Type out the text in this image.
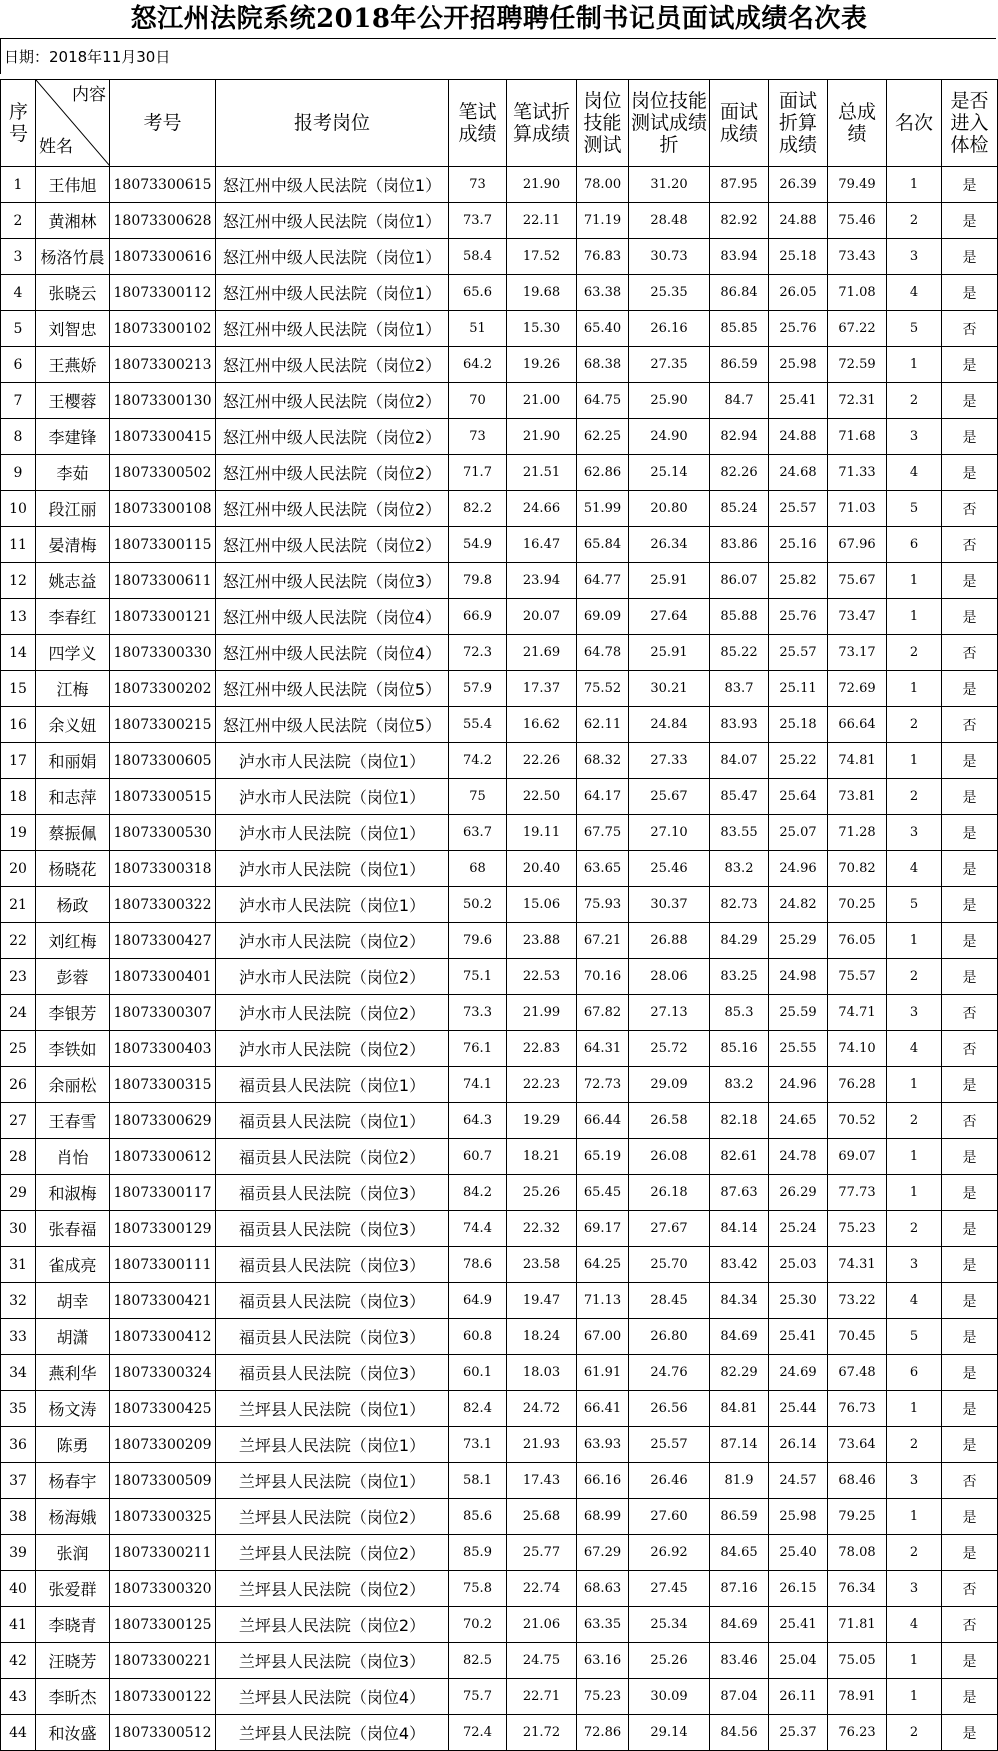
怒江州法院系统2018年公开招聘聘任制书记员面试成绩名次表
日期：2018年11月30日
序号	内容
姓名	考号	报考岗位	笔试成绩	笔试折算成绩	岗位技能测试	岗位技能测试成绩折	面试成绩	面试折算成绩	总成绩	名次	是否进入体检
1	王伟旭	18073300615	怒江州中级人民法院（岗位1）	73	21.90	78.00	31.20	87.95	26.39	79.49	1	是
2	黄湘林	18073300628	怒江州中级人民法院（岗位1）	73.7	22.11	71.19	28.48	82.92	24.88	75.46	2	是
3	杨洛竹晨	18073300616	怒江州中级人民法院（岗位1）	58.4	17.52	76.83	30.73	83.94	25.18	73.43	3	是
4	张晓云	18073300112	怒江州中级人民法院（岗位1）	65.6	19.68	63.38	25.35	86.84	26.05	71.08	4	是
5	刘智忠	18073300102	怒江州中级人民法院（岗位1）	51	15.30	65.40	26.16	85.85	25.76	67.22	5	否
6	王燕娇	18073300213	怒江州中级人民法院（岗位2）	64.2	19.26	68.38	27.35	86.59	25.98	72.59	1	是
7	王樱蓉	18073300130	怒江州中级人民法院（岗位2）	70	21.00	64.75	25.90	84.7	25.41	72.31	2	是
8	李建锋	18073300415	怒江州中级人民法院（岗位2）	73	21.90	62.25	24.90	82.94	24.88	71.68	3	是
9	李茹	18073300502	怒江州中级人民法院（岗位2）	71.7	21.51	62.86	25.14	82.26	24.68	71.33	4	是
10	段江丽	18073300108	怒江州中级人民法院（岗位2）	82.2	24.66	51.99	20.80	85.24	25.57	71.03	5	否
11	晏清梅	18073300115	怒江州中级人民法院（岗位2）	54.9	16.47	65.84	26.34	83.86	25.16	67.96	6	否
12	姚志益	18073300611	怒江州中级人民法院（岗位3）	79.8	23.94	64.77	25.91	86.07	25.82	75.67	1	是
13	李春红	18073300121	怒江州中级人民法院（岗位4）	66.9	20.07	69.09	27.64	85.88	25.76	73.47	1	是
14	四学义	18073300330	怒江州中级人民法院（岗位4）	72.3	21.69	64.78	25.91	85.22	25.57	73.17	2	否
15	江梅	18073300202	怒江州中级人民法院（岗位5）	57.9	17.37	75.52	30.21	83.7	25.11	72.69	1	是
16	余义妞	18073300215	怒江州中级人民法院（岗位5）	55.4	16.62	62.11	24.84	83.93	25.18	66.64	2	否
17	和丽娟	18073300605	泸水市人民法院（岗位1）	74.2	22.26	68.32	27.33	84.07	25.22	74.81	1	是
18	和志萍	18073300515	泸水市人民法院（岗位1）	75	22.50	64.17	25.67	85.47	25.64	73.81	2	是
19	蔡振佩	18073300530	泸水市人民法院（岗位1）	63.7	19.11	67.75	27.10	83.55	25.07	71.28	3	是
20	杨晓花	18073300318	泸水市人民法院（岗位1）	68	20.40	63.65	25.46	83.2	24.96	70.82	4	是
21	杨政	18073300322	泸水市人民法院（岗位1）	50.2	15.06	75.93	30.37	82.73	24.82	70.25	5	是
22	刘红梅	18073300427	泸水市人民法院（岗位2）	79.6	23.88	67.21	26.88	84.29	25.29	76.05	1	是
23	彭蓉	18073300401	泸水市人民法院（岗位2）	75.1	22.53	70.16	28.06	83.25	24.98	75.57	2	是
24	李银芳	18073300307	泸水市人民法院（岗位2）	73.3	21.99	67.82	27.13	85.3	25.59	74.71	3	否
25	李铁如	18073300403	泸水市人民法院（岗位2）	76.1	22.83	64.31	25.72	85.16	25.55	74.10	4	否
26	余丽松	18073300315	福贡县人民法院（岗位1）	74.1	22.23	72.73	29.09	83.2	24.96	76.28	1	是
27	王春雪	18073300629	福贡县人民法院（岗位1）	64.3	19.29	66.44	26.58	82.18	24.65	70.52	2	否
28	肖怡	18073300612	福贡县人民法院（岗位2）	60.7	18.21	65.19	26.08	82.61	24.78	69.07	1	是
29	和淑梅	18073300117	福贡县人民法院（岗位3）	84.2	25.26	65.45	26.18	87.63	26.29	77.73	1	是
30	张春福	18073300129	福贡县人民法院（岗位3）	74.4	22.32	69.17	27.67	84.14	25.24	75.23	2	是
31	雀成亮	18073300111	福贡县人民法院（岗位3）	78.6	23.58	64.25	25.70	83.42	25.03	74.31	3	是
32	胡幸	18073300421	福贡县人民法院（岗位3）	64.9	19.47	71.13	28.45	84.34	25.30	73.22	4	是
33	胡潇	18073300412	福贡县人民法院（岗位3）	60.8	18.24	67.00	26.80	84.69	25.41	70.45	5	是
34	燕利华	18073300324	福贡县人民法院（岗位3）	60.1	18.03	61.91	24.76	82.29	24.69	67.48	6	是
35	杨文涛	18073300425	兰坪县人民法院（岗位1）	82.4	24.72	66.41	26.56	84.81	25.44	76.73	1	是
36	陈勇	18073300209	兰坪县人民法院（岗位1）	73.1	21.93	63.93	25.57	87.14	26.14	73.64	2	是
37	杨春宇	18073300509	兰坪县人民法院（岗位1）	58.1	17.43	66.16	26.46	81.9	24.57	68.46	3	否
38	杨海娥	18073300325	兰坪县人民法院（岗位2）	85.6	25.68	68.99	27.60	86.59	25.98	79.25	1	是
39	张润	18073300211	兰坪县人民法院（岗位2）	85.9	25.77	67.29	26.92	84.65	25.40	78.08	2	是
40	张爱群	18073300320	兰坪县人民法院（岗位2）	75.8	22.74	68.63	27.45	87.16	26.15	76.34	3	否
41	李晓青	18073300125	兰坪县人民法院（岗位2）	70.2	21.06	63.35	25.34	84.69	25.41	71.81	4	否
42	汪晓芳	18073300221	兰坪县人民法院（岗位3）	82.5	24.75	63.16	25.26	83.46	25.04	75.05	1	是
43	李昕杰	18073300122	兰坪县人民法院（岗位4）	75.7	22.71	75.23	30.09	87.04	26.11	78.91	1	是
44	和汝盛	18073300512	兰坪县人民法院（岗位4）	72.4	21.72	72.86	29.14	84.56	25.37	76.23	2	是
